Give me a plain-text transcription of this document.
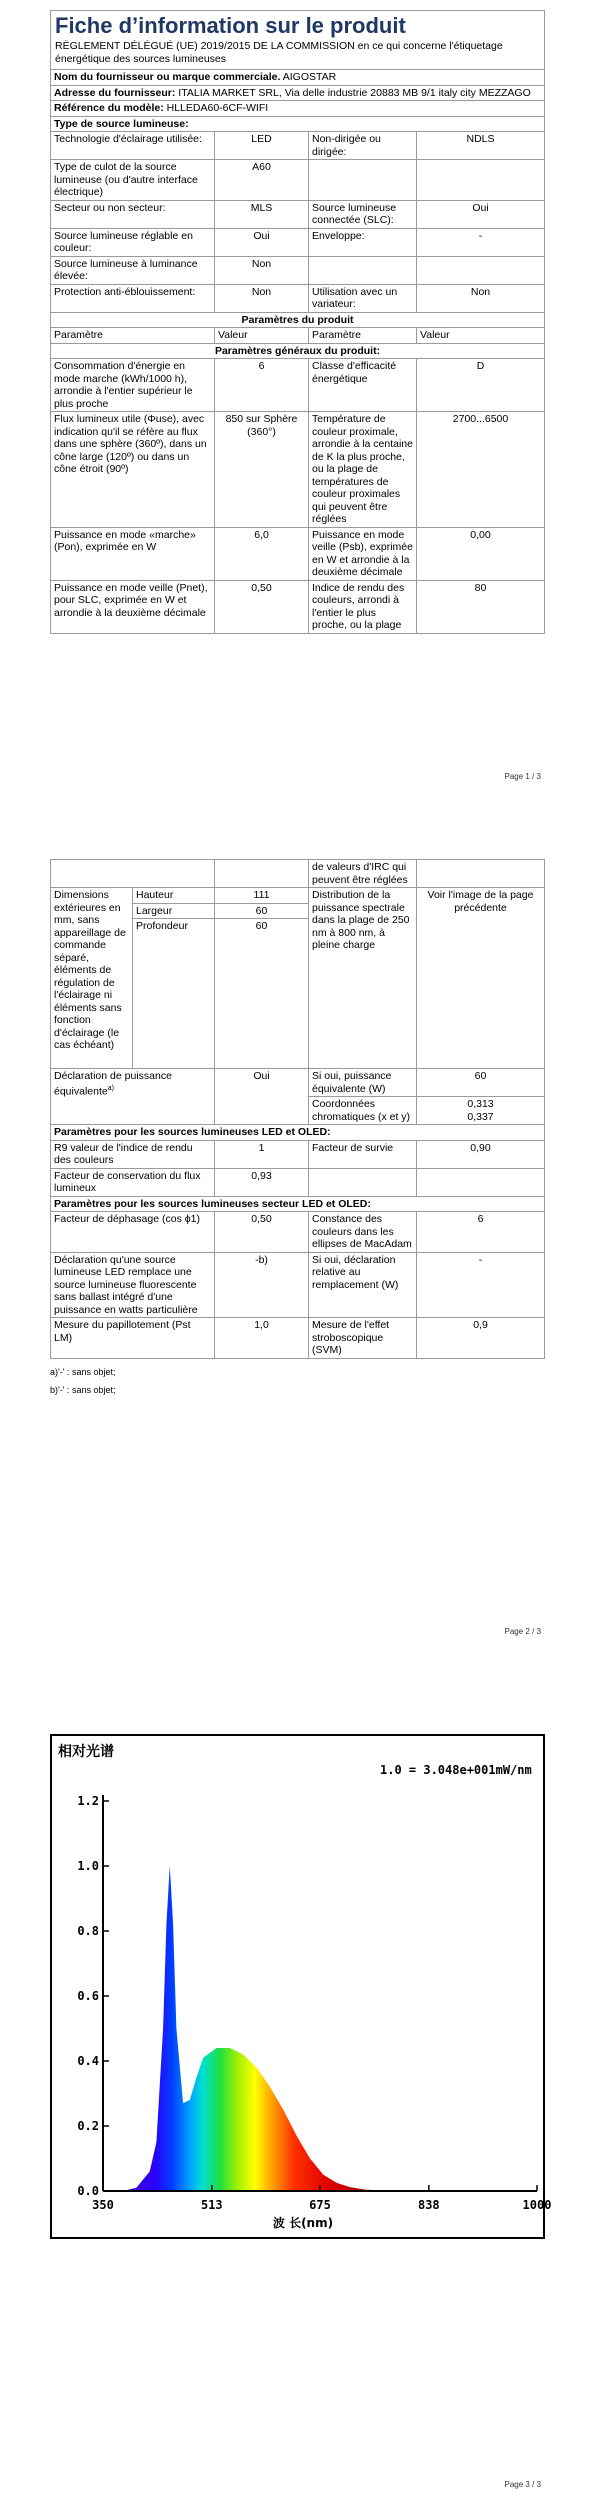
Fiche d’information sur le produit
RÈGLEMENT DÉLÉGUÉ (UE) 2019/2015 DE LA COMMISSION en ce qui concerne l'étiquetage énergétique des sources lumineuses			

Nom du fournisseur ou marque commerciale. AIGOSTAR			
Adresse du fournisseur: ITALIA MARKET SRL, Via delle industrie 20883 MB 9/1 italy city MEZZAGO			
Référence du modèle: HLLEDA60-6CF-WIFI			
Type de source lumineuse:			
Technologie d'éclairage utilisée:	LED	Non-dirigée ou dirigée:	NDLS
Type de culot de la source lumineuse (ou d'autre interface électrique)	A60		
Secteur ou non secteur:	MLS	Source lumineuse connectée (SLC):	Oui
Source lumineuse réglable en couleur:	Oui	Enveloppe:	-
Source lumineuse à luminance élevée:	Non		
Protection anti-éblouissement:	Non	Utilisation avec un variateur:	Non
Paramètres du produit			
Paramètre	Valeur	Paramètre	Valeur
Paramètres généraux du produit:			
Consommation d'énergie en mode marche (kWh/1000 h), arrondie à l'entier supérieur le plus proche	6	Classe d'efficacité énergétique	D
Flux lumineux utile (Φuse), avec indication qu'il se réfère au flux dans une sphère (360º), dans un cône large (120º) ou dans un cône étroit (90º)	850 sur Sphère (360°)	Température de couleur proximale, arrondie à la centaine de K la plus proche, ou la plage de températures de couleur proximales qui peuvent être réglées	2700...6500
Puissance en mode «marche» (Pon), exprimée en W	6,0	Puissance en mode veille (Psb), exprimée en W et arrondie à la deuxième décimale	0,00
Puissance en mode veille (Pnet), pour SLC, exprimée en W et arrondie à la deuxième décimale	0,50	Indice de rendu des couleurs, arrondi à l'entier le plus proche, ou la plage	80
Page 1 / 3
			de valeurs d'IRC qui peuvent être réglées	
Dimensions extérieures en mm, sans appareillage de commande séparé, éléments de régulation de l'éclairage ni éléments sans fonction d'éclairage (le cas échéant)	Hauteur	111	Distribution de la puissance spectrale dans la plage de 250 nm à 800 nm, à pleine charge	Voir l'image de la page précédente
	Largeur	60		
	Profondeur	60		
Déclaration de puissance équivalente$^{a)}$		Oui	Si oui, puissance équivalente (W)	60
			Coordonnées chromatiques (x et y)	0,313
0,337

Paramètres pour les sources lumineuses LED et OLED:				
R9 valeur de l'indice de rendu des couleurs		1	Facteur de survie	0,90
Facteur de conservation du flux lumineux		0,93		
Paramètres pour les sources lumineuses secteur LED et OLED:				
Facteur de déphasage (cos ϕ1)		0,50	Constance des couleurs dans les ellipses de MacAdam	6
Déclaration qu'une source lumineuse LED remplace une source lumineuse fluorescente sans ballast intégré d'une puissance en watts particulière		-b)	Si oui, déclaration relative au remplacement (W)	-
Mesure du papillotement (Pst LM)		1,0	Mesure de l'effet stroboscopique (SVM)	0,9
a)'-' : sans objet;
b)'-' : sans objet;
Page 2 / 3
相对光谱
1.0 = 3.048e+001mW/nm
0.0
0.2
0.4
0.6
0.8
1.0
1.2
350	513	675	838	1000
波 长(nm)
Page 3 / 3
